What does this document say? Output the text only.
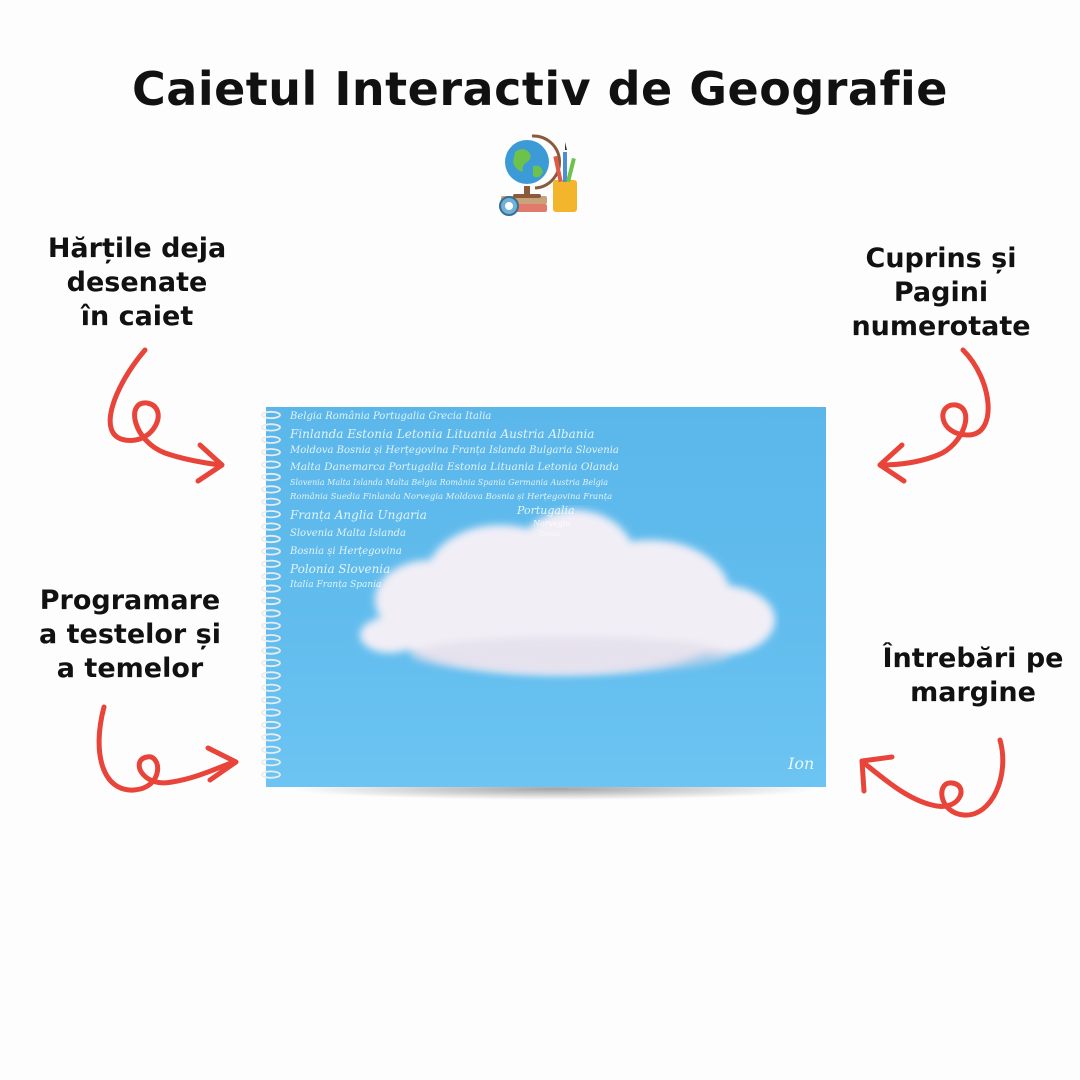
Caietul Interactiv de Geografie
Hărțile deja
desenate
în caiet
Cuprins și
Pagini
numerotate
Programare
a testelor și
a temelor	Întrebări pe
margine
Belgia România Portugalia Grecia Italia
Finlanda Estonia Letonia Lituania Austria Albania
Moldova Bosnia și Herțegovina Franța Islanda Bulgaria Slovenia
Malta Danemarca Portugalia Estonia Lituania Letonia Olanda
Slovenia Malta Islanda Malta Belgia România Spania Germania Austria Belgia
România Suedia Finlanda Norvegia Moldova Bosnia și Herțegovina Franța
Franța Anglia Ungaria
Slovenia Malta Islanda
Bosnia și Herțegovina
Polonia Slovenia
Italia Franța Spania
Portugalia
Norvegia
Grecia
Ion
